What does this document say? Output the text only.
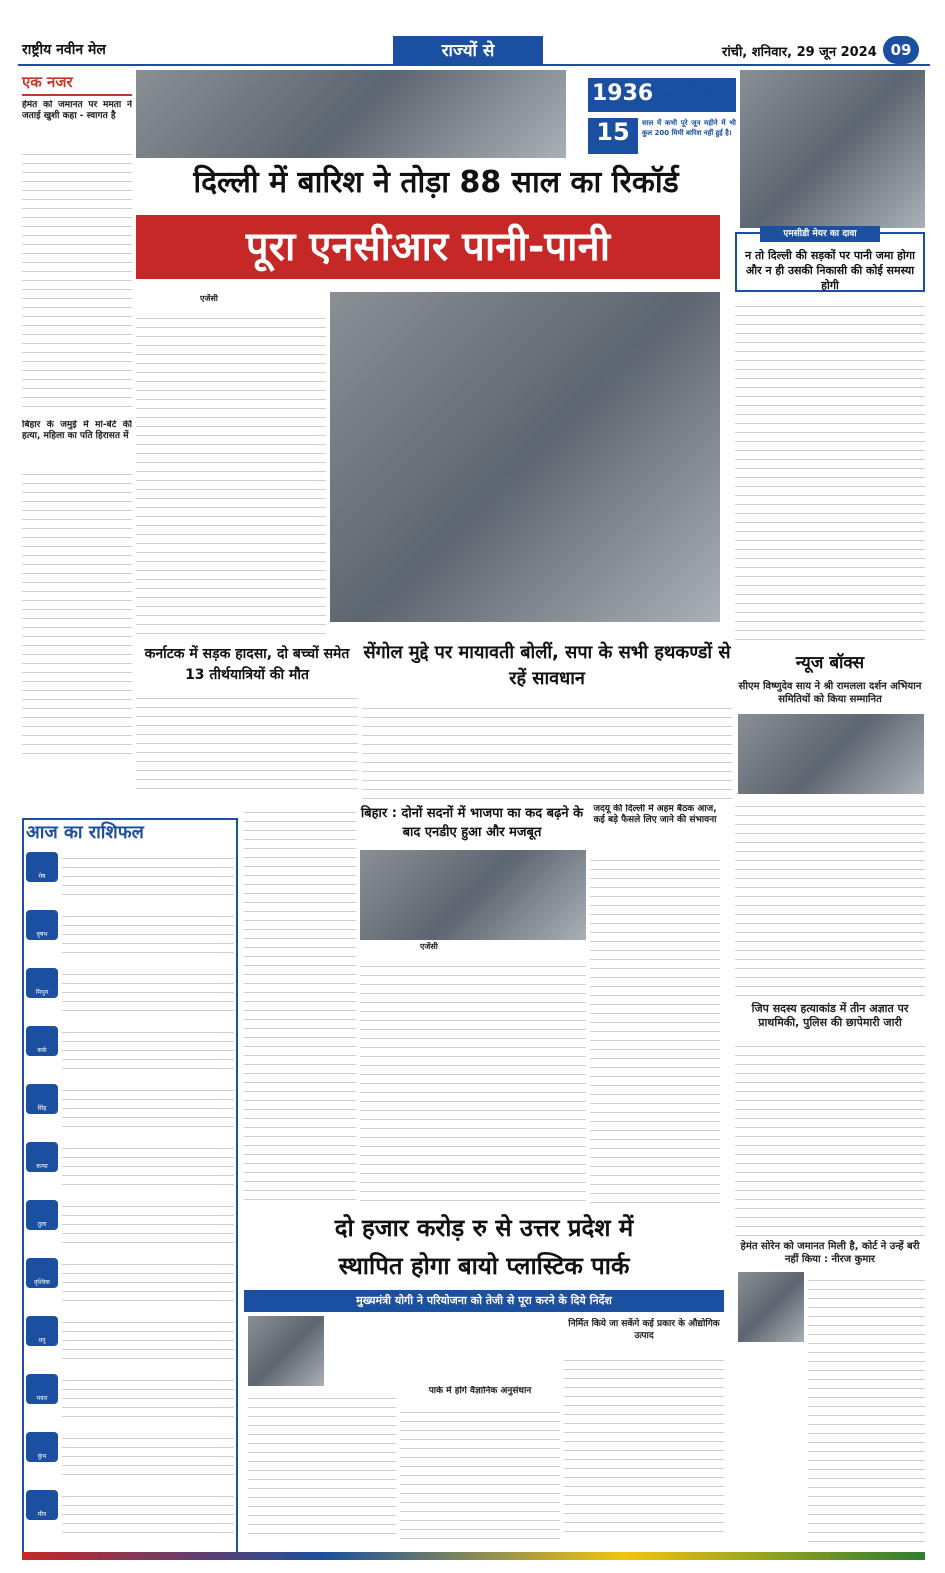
राष्ट्रीय नवीन मेल	राज्यों से	रांची, शनिवार, 29 जून 2024 09
एक नजर
हेमंत को जमानत पर ममता ने जताई खुशी कहा - स्वागत है
बिहार के जमुई में मां-बेटे की हत्या, महिला का पति हिरासत में
1936 के बाद जून महीने में 24 घंटे में हुई सबसे ज्यादा बारिश है।
15	साल में कभी पूरे जून महीने में भी कुल 200 मिमी बारिश नहीं हुई है।
दिल्ली में बारिश ने तोड़ा 88 साल का रिकॉर्ड
पूरा एनसीआर पानी-पानी	न तो दिल्ली की सड़कों पर पानी जमा होगा और न ही उसकी निकासी की कोई समस्या होगी
एमसीडी मेयर का दावा
एजेंसी
कर्नाटक में सड़क हादसा, दो बच्चों समेत 13 तीर्थयात्रियों की मौत
सेंगोल मुद्दे पर मायावती बोलीं, सपा के सभी हथकण्डों से रहें सावधान
आज का राशिफल
मेष
वृषभ
मिथुन
कर्क
सिंह
कन्या
तुला
वृश्चिक
धनु
मकर
कुंभ
मीन
बिहार : दोनों सदनों में भाजपा का कद बढ़ने के बाद एनडीए हुआ और मजबूत
एजेंसी
जदयू की दिल्ली में अहम बैठक आज, कई बड़े फैसले लिए जाने की संभावना
न्यूज बॉक्स
सीएम विष्णुदेव साय ने श्री रामलला दर्शन अभियान समितियों को किया सम्मानित
जिप सदस्य हत्याकांड में तीन अज्ञात पर प्राथमिकी, पुलिस की छापेमारी जारी
हेमंत सोरेन को जमानत मिली है, कोर्ट ने उन्हें बरी नहीं किया : नीरज कुमार
दो हजार करोड़ रु से उत्तर प्रदेश में
स्थापित होगा बायो प्लास्टिक पार्क
मुख्यमंत्री योगी ने परियोजना को तेजी से पूरा करने के दिये निर्देश
पार्क में होंगे वैज्ञानिक अनुसंधान
निर्मित किये जा सकेंगे कई प्रकार के औद्योगिक उत्पाद
